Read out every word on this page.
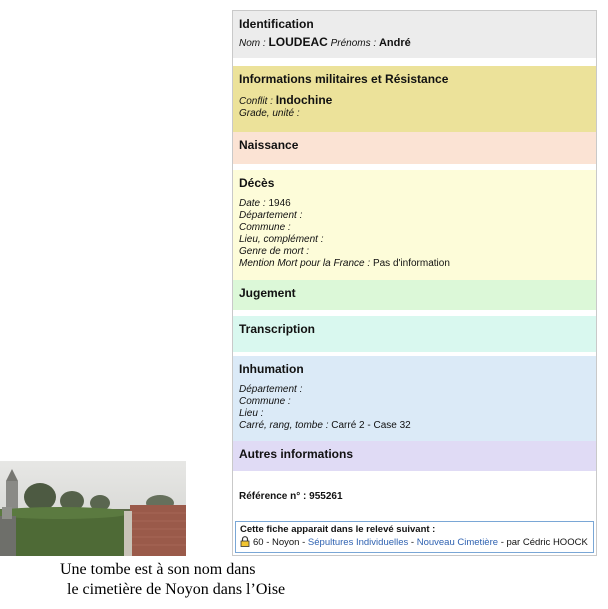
Identification
Nom : LOUDEAC Prénoms : André
Informations militaires et Résistance
Conflit : Indochine
Grade, unité :
Naissance
Décès
Date : 1946
Département :
Commune :
Lieu, complément :
Genre de mort :
Mention Mort pour la France : Pas d'information
Jugement
Transcription
Inhumation
Département :
Commune :
Lieu :
Carré, rang, tombe : Carré 2 - Case 32
Autres informations
Référence n° : 955261
Cette fiche apparait dans le relevé suivant :
60 - Noyon - Sépultures Individuelles - Nouveau Cimetière - par Cédric HOOCK
Une tombe est à son nom dans
le cimetière de Noyon dans l’Oise
